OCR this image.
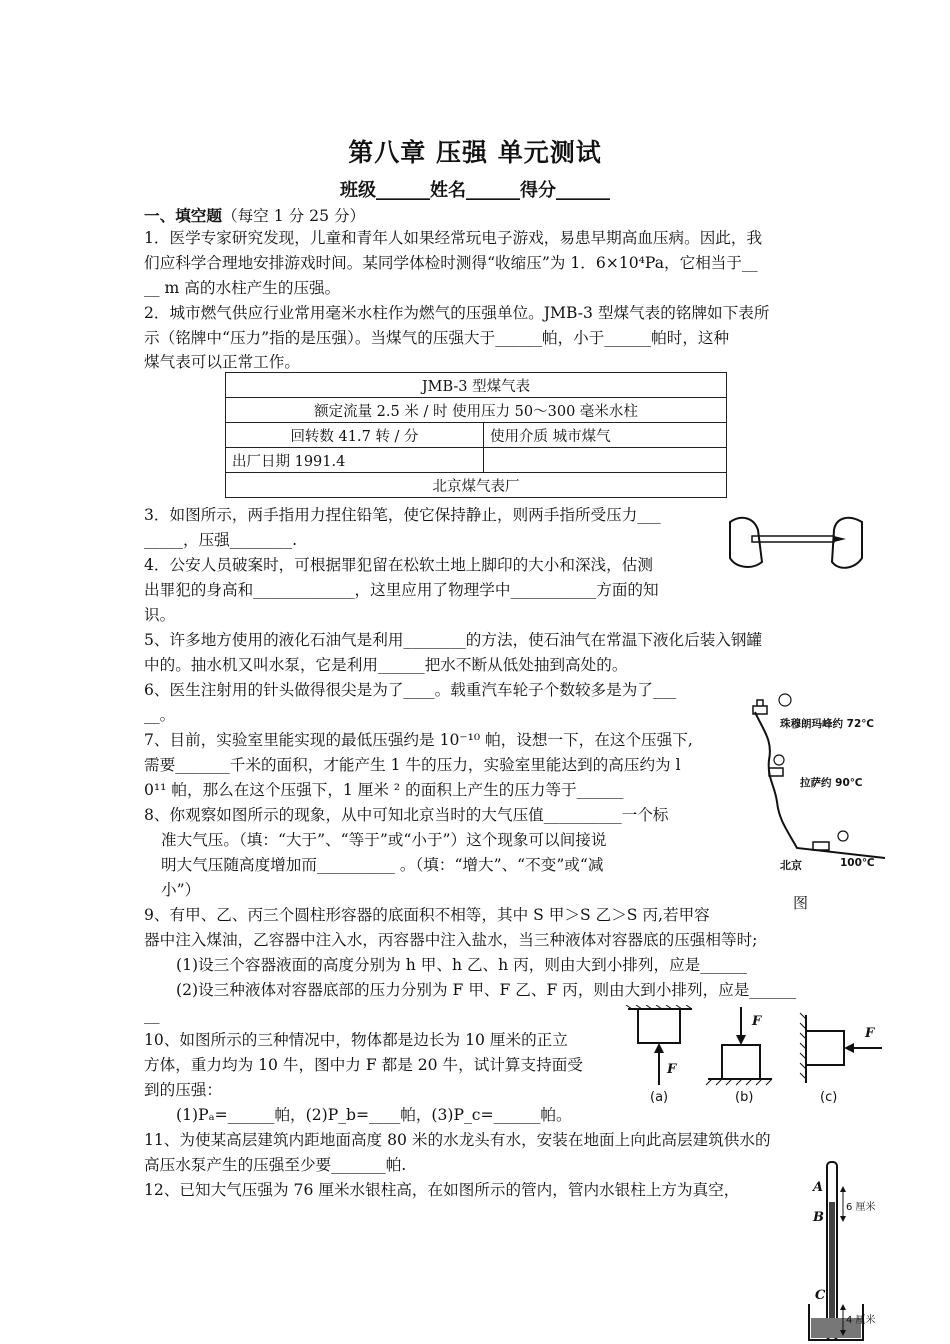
第八章 压强 单元测试
班级______姓名______得分______
一、填空题（每空 1 分 25 分）
1．医学专家研究发现，儿童和青年人如果经常玩电子游戏，易患早期高血压病。因此，我
们应科学合理地安排游戏时间。某同学体检时测得“收缩压”为 1．6×10⁴Pa，它相当于__
__ m 高的水柱产生的压强。
2．城市燃气供应行业常用毫米水柱作为燃气的压强单位。JMB-3 型煤气表的铭牌如下表所
示（铭牌中“压力”指的是压强）。当煤气的压强大于______帕，小于______帕时，这种
煤气表可以正常工作。
JMB-3 型煤气表	
额定流量 2.5 米 / 时 使用压力 50～300 毫米水柱	
回转数 41.7 转 / 分	使用介质 城市煤气
出厂日期 1991.4	
北京煤气表厂	
3．如图所示，两手指用力捏住铅笔，使它保持静止，则两手指所受压力___
_____，压强________.
4．公安人员破案时，可根据罪犯留在松软土地上脚印的大小和深浅，估测
出罪犯的身高和_____________，这里应用了物理学中___________方面的知
识。
5、许多地方使用的液化石油气是利用________的方法，使石油气在常温下液化后装入钢罐
中的。抽水机又叫水泵，它是利用______把水不断从低处抽到高处的。
6、医生注射用的针头做得很尖是为了____。载重汽车轮子个数较多是为了___
__。
7、目前，实验室里能实现的最低压强约是 10⁻¹⁰ 帕，设想一下，在这个压强下,
需要_______千米的面积，才能产生 1 牛的压力，实验室里能达到的高压约为 l
0¹¹ 帕，那么在这个压强下，1 厘米 ² 的面积上产生的压力等于______
8、你观察如图所示的现象，从中可知北京当时的大气压值__________一个标
准大气压。（填：“大于”、“等于”或“小于”）这个现象可以间接说
明大气压随高度增加而__________ 。（填：“增大”、“不变”或“减
小”）
9、有甲、乙、丙三个圆柱形容器的底面积不相等，其中 S 甲＞S 乙＞S 丙,若甲容
器中注入煤油，乙容器中注入水，丙容器中注入盐水，当三种液体对容器底的压强相等时;
(1)设三个容器液面的高度分别为 h 甲、h 乙、h 丙，则由大到小排列，应是______
(2)设三种液体对容器底部的压力分别为 F 甲、F 乙、F 丙，则由大到小排列，应是______
__
10、如图所示的三种情况中，物体都是边长为 10 厘米的正立
方体，重力均为 10 牛，图中力 F 都是 20 牛，试计算支持面受
到的压强：
(1)Pₐ=______帕，(2)P_b=____帕，(3)P_c=______帕。
11、为使某高层建筑内距地面高度 80 米的水龙头有水，安装在地面上向此高层建筑供水的
高压水泵产生的压强至少要_______帕.
12、已知大气压强为 76 厘米水银柱高，在如图所示的管内，管内水银柱上方为真空，
珠穆朗玛峰约 72℃
拉萨约 90℃
北京	100℃
图
F
F
F
(a)	(b)	(c)
A
B
C
6 厘米
4 厘米
